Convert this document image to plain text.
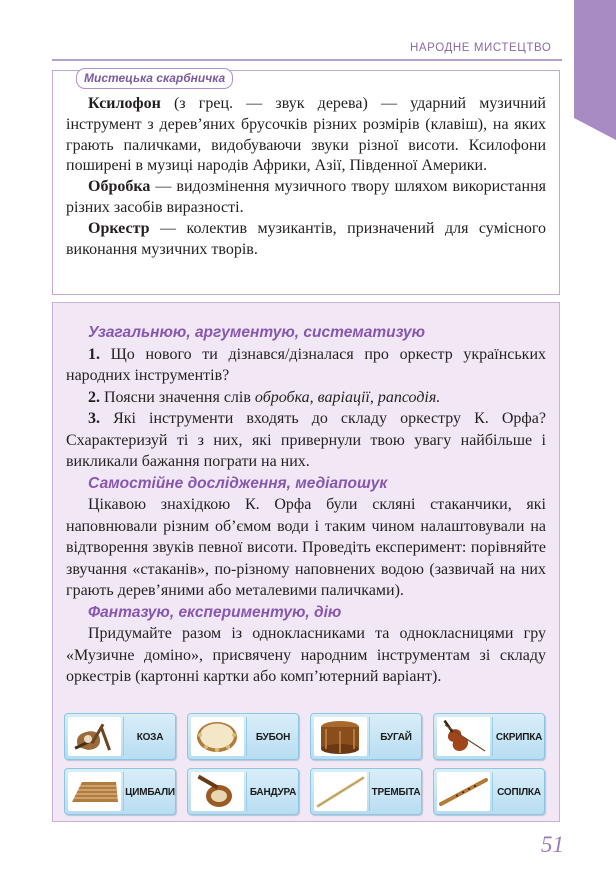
НАРОДНЕ МИСТЕЦТВО
Мистецька скарбничка

Ксилофон (з грец. — звук дерева) — ударний музичний інструмент з дерев’яних брусочків різних розмірів (клавіш), на яких грають паличками, видобуваючи звуки різної висоти. Ксилофони поширені в музиці народів Африки, Азії, Південної Америки.

Обробка — видозмінення музичного твору шляхом використання різних засобів виразності.

Оркестр — колектив музикантів, призначений для сумісного виконання музичних творів.

Узагальнюю, аргументую, систематизую

1. Що нового ти дізнався/дізналася про оркестр українських народних інструментів?

2. Поясни значення слів обробка, варіації, рапсодія.

3. Які інструменти входять до складу оркестру К. Орфа? Схарактеризуй ті з них, які привернули твою увагу найбільше і викликали бажання пограти на них.

Самостійне дослідження, медіапошук

Цікавою знахідкою К. Орфа були скляні стаканчики, які наповнювали різним об’ємом води і таким чином налаштовували на відтворення звуків певної висоти. Проведіть експеримент: порівняйте звучання «стаканів», по-різному наповнених водою (зазвичай на них грають дерев’яними або металевими паличками).

Фантазую, експериментую, дію

Придумайте разом із однокласниками та однокласницями гру «Музичне доміно», присвячену народним інструментам зі складу оркестрів (картонні картки або комп’ютерний варіант).

КОЗА	БУБОН	БУГАЙ	СКРИПКА
ЦИМБАЛИ	БАНДУРА	ТРЕМБІТА	СОПІЛКА
51
